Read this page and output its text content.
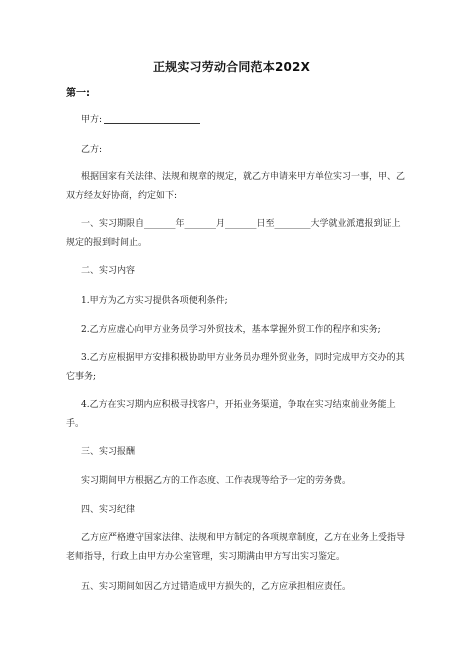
正规实习劳动合同范本202X
第一:
甲方:
乙方:
根据国家有关法律、法规和规章的规定，就乙方申请来甲方单位实习一事，甲、乙双方经友好协商，约定如下:
一、实习期限自_______年_______月_______日至________大学就业派遣报到证上规定的报到时间止。
二、实习内容
1.甲方为乙方实习提供各项便利条件;
2.乙方应虚心向甲方业务员学习外贸技术，基本掌握外贸工作的程序和实务;
3.乙方应根据甲方安排积极协助甲方业务员办理外贸业务，同时完成甲方交办的其它事务;
4.乙方在实习期内应积极寻找客户，开拓业务渠道，争取在实习结束前业务能上手。
三、实习报酬
实习期间甲方根据乙方的工作态度、工作表现等给予一定的劳务费。
四、实习纪律
乙方应严格遵守国家法律、法规和甲方制定的各项规章制度，乙方在业务上受指导老师指导，行政上由甲方办公室管理，实习期满由甲方写出实习鉴定。
五、实习期间如因乙方过错造成甲方损失的，乙方应承担相应责任。
